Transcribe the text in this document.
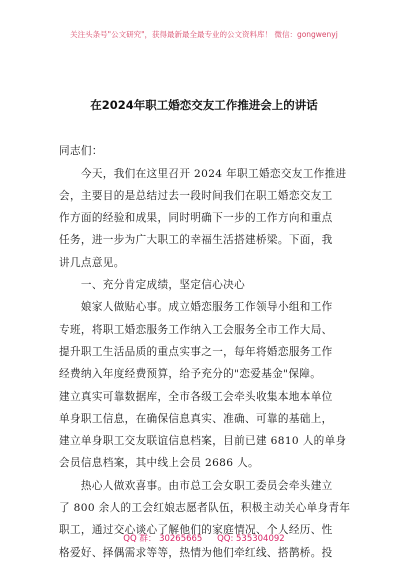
关注头条号"公文研究"，获得最新最全最专业的公文资料库！ 微信：gongwenyj
在2024年职工婚恋交友工作推进会上的讲话
同志们：
　　今天，我们在这里召开 2024 年职工婚恋交友工作推进
会，主要目的是总结过去一段时间我们在职工婚恋交友工
作方面的经验和成果，同时明确下一步的工作方向和重点
任务，进一步为广大职工的幸福生活搭建桥梁。下面，我
讲几点意见。
　　一、充分肯定成绩，坚定信心决心
　　娘家人做贴心事。成立婚恋服务工作领导小组和工作
专班，将职工婚恋服务工作纳入工会服务全市工作大局、
提升职工生活品质的重点实事之一，每年将婚恋服务工作
经费纳入年度经费预算，给予充分的"恋爱基金"保障。
建立真实可靠数据库，全市各级工会牵头收集本地本单位
单身职工信息，在确保信息真实、准确、可靠的基础上，
建立单身职工交友联谊信息档案，目前已建 6810 人的单身
会员信息档案，其中线上会员 2686 人。
　　热心人做欢喜事。由市总工会女职工委员会牵头建立
了 800 余人的工会红娘志愿者队伍，积极主动关心单身青年
职工，通过交心谈心了解他们的家庭情况、个人经历、性
格爱好、择偶需求等等，热情为他们牵红线、搭鹊桥。投
QQ 群： 30265665 QQ: 535304092
